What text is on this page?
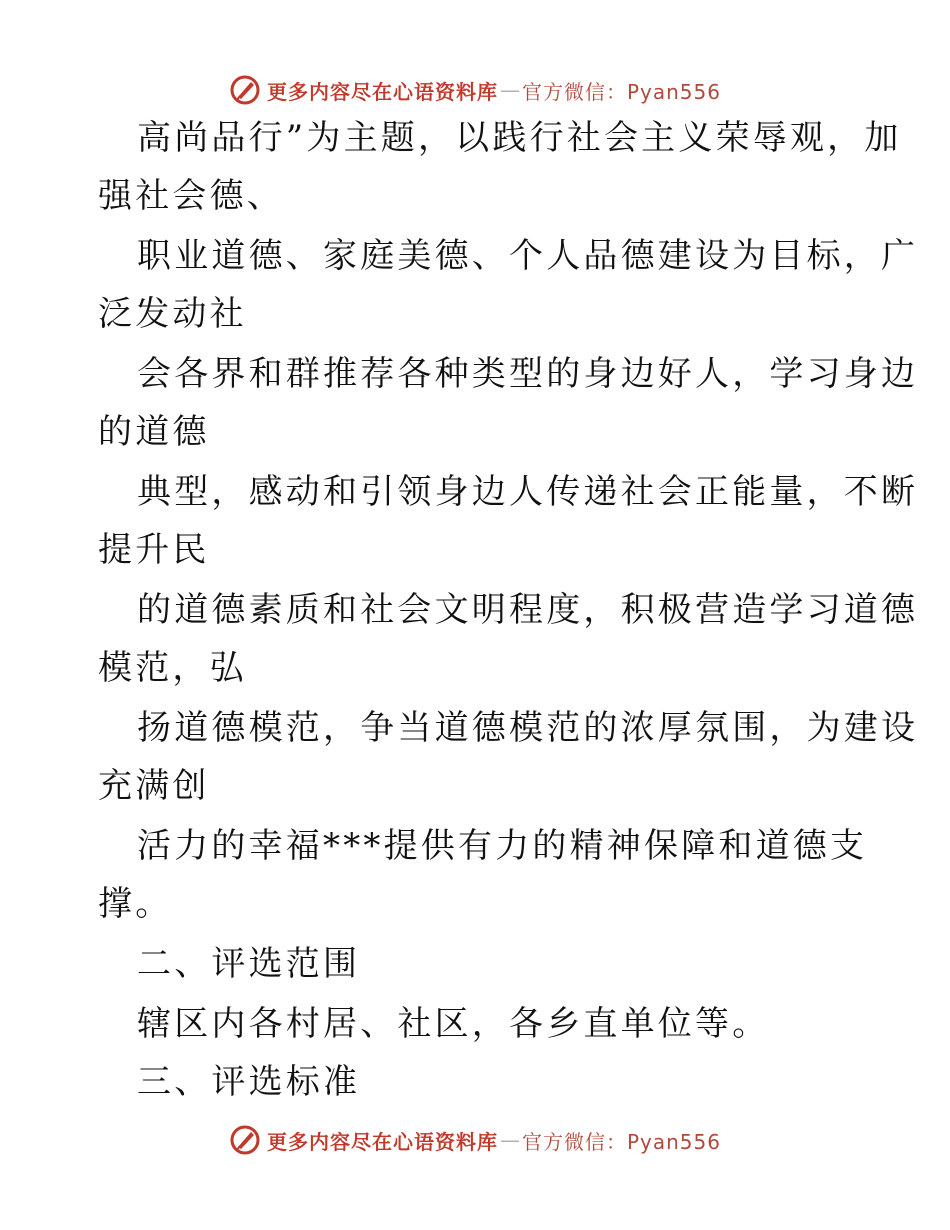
更多内容尽在心语资料库 — 官方微信：Pyan556
高尚品行”为主题，以践行社会主义荣辱观，加
强社会德、
职业道德、家庭美德、个人品德建设为目标，广
泛发动社
会各界和群推荐各种类型的身边好人，学习身边
的道德
典型，感动和引领身边人传递社会正能量，不断
提升民
的道德素质和社会文明程度，积极营造学习道德
模范，弘
扬道德模范，争当道德模范的浓厚氛围，为建设
充满创
活力的幸福***提供有力的精神保障和道德支
撑。
二、评选范围
辖区内各村居、社区，各乡直单位等。
三、评选标准
更多内容尽在心语资料库 — 官方微信：Pyan556
